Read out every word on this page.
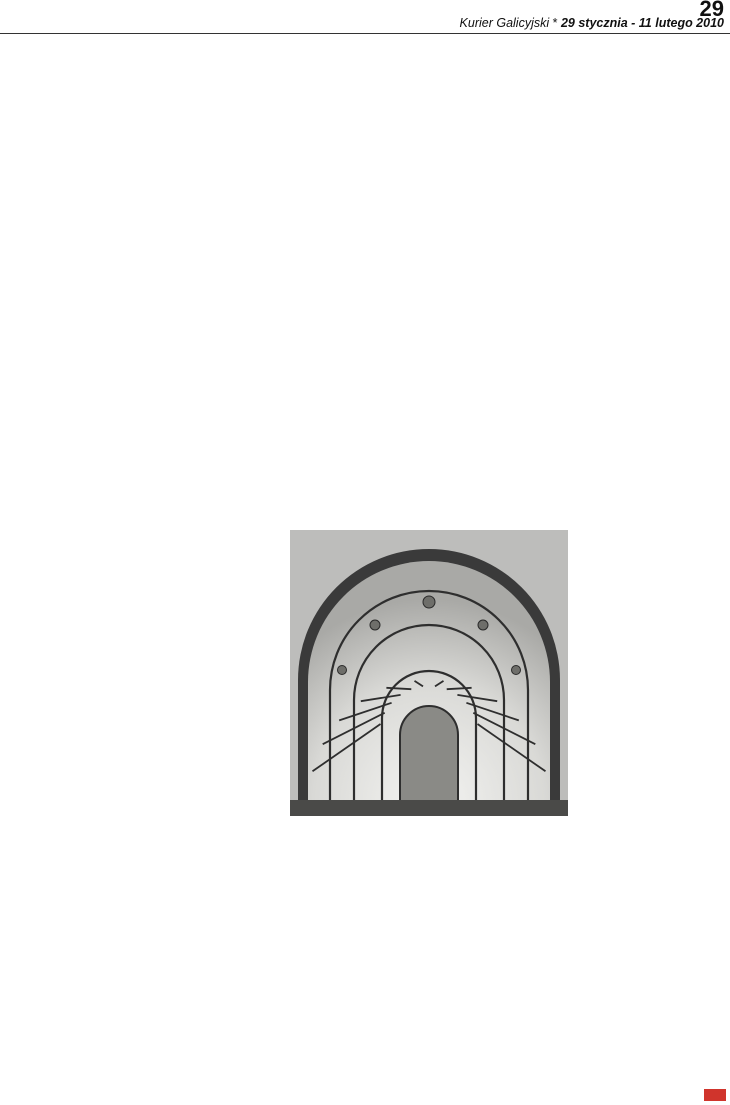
29
Kurier Galicyjski * 29 stycznia - 11 lutego 2010
